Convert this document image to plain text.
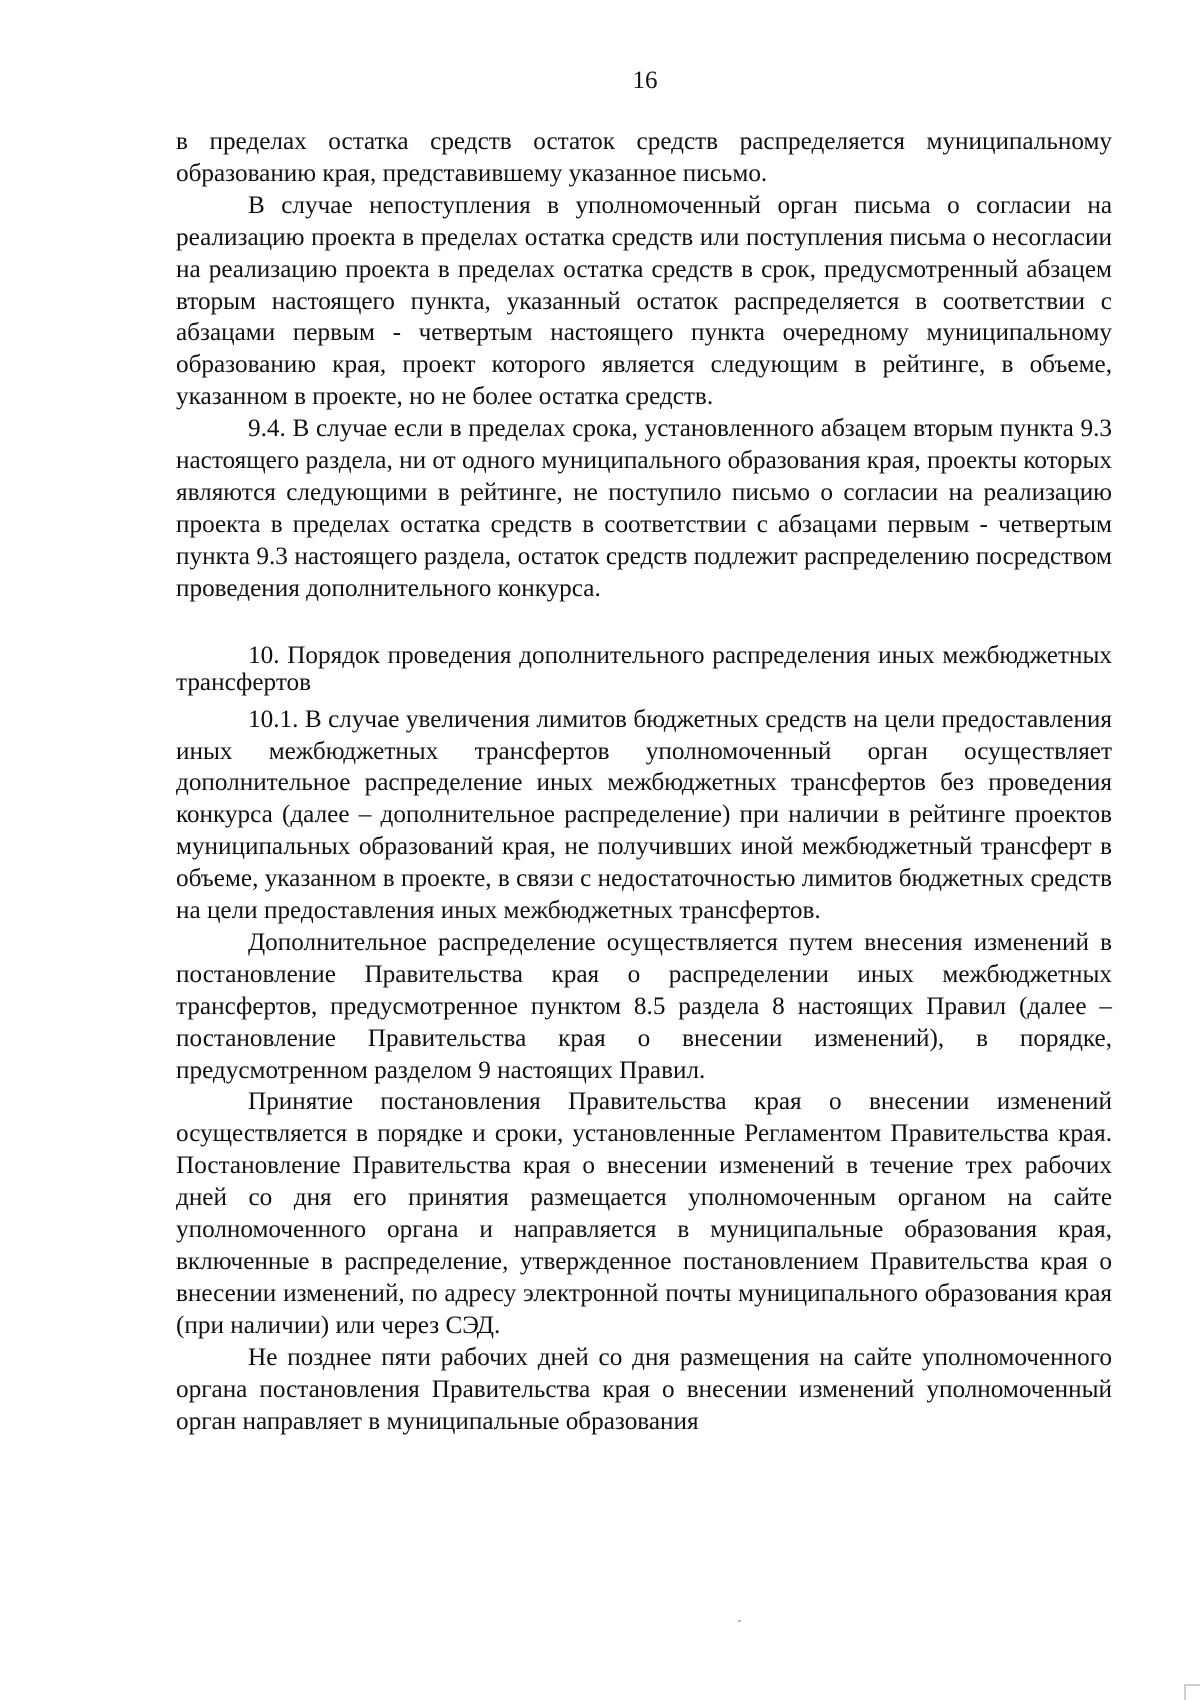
16

в пределах остатка средств остаток средств распределяется муниципальному образованию края, представившему указанное письмо.

В случае непоступления в уполномоченный орган письма о согласии на реализацию проекта в пределах остатка средств или поступления письма о несогласии на реализацию проекта в пределах остатка средств в срок, предусмотренный абзацем вторым настоящего пункта, указанный остаток распределяется в соответствии с абзацами первым - четвертым настоящего пункта очередному муниципальному образованию края, проект которого является следующим в рейтинге, в объеме, указанном в проекте, но не более остатка средств.

9.4. В случае если в пределах срока, установленного абзацем вторым пункта 9.3 настоящего раздела, ни от одного муниципального образования края, проекты которых являются следующими в рейтинге, не поступило письмо о согласии на реализацию проекта в пределах остатка средств в соответствии с абзацами первым - четвертым пункта 9.3 настоящего раздела, остаток средств подлежит распределению посредством проведения дополнительного конкурса.

10. Порядок проведения дополнительного распределения иных межбюджетных трансфертов

10.1. В случае увеличения лимитов бюджетных средств на цели предоставления иных межбюджетных трансфертов уполномоченный орган осуществляет дополнительное распределение иных межбюджетных трансфертов без проведения конкурса (далее – дополнительное распределение) при наличии в рейтинге проектов муниципальных образований края, не получивших иной межбюджетный трансферт в объеме, указанном в проекте, в связи с недостаточностью лимитов бюджетных средств на цели предоставления иных межбюджетных трансфертов.

Дополнительное распределение осуществляется путем внесения изменений в постановление Правительства края о распределении иных межбюджетных трансфертов, предусмотренное пунктом 8.5 раздела 8 настоящих Правил (далее – постановление Правительства края о внесении изменений), в порядке, предусмотренном разделом 9 настоящих Правил.

Принятие постановления Правительства края о внесении изменений осуществляется в порядке и сроки, установленные Регламентом Правительства края. Постановление Правительства края о внесении изменений в течение трех рабочих дней со дня его принятия размещается уполномоченным органом на сайте уполномоченного органа и направляется в муниципальные образования края, включенные в распределение, утвержденное постановлением Правительства края о внесении изменений, по адресу электронной почты муниципального образования края (при наличии) или через СЭД.

Не позднее пяти рабочих дней со дня размещения на сайте уполномоченного органа постановления Правительства края о внесении изменений уполномоченный орган направляет в муниципальные образования
